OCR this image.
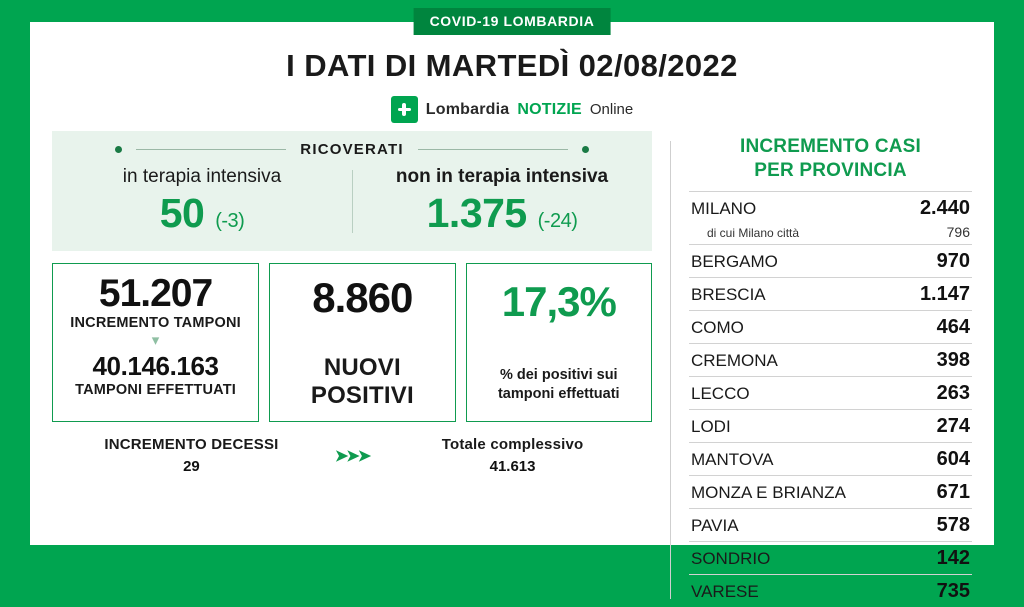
COVID-19 LOMBARDIA
I DATI DI MARTEDÌ 02/08/2022
Lombardia NOTIZIE Online
RICOVERATI
in terapia intensiva
50 (-3)
non in terapia intensiva
1.375 (-24)
51.207
INCREMENTO TAMPONI
▾
40.146.163
TAMPONI EFFETTUATI
8.860
NUOVI
POSITIVI
17,3%
% dei positivi sui
tamponi effettuati
INCREMENTO DECESSI
29
➤➤➤
Totale complessivo
41.613
INCREMENTO CASI
PER PROVINCIA
MILANO	2.440
di cui Milano città	796
BERGAMO	970
BRESCIA	1.147
COMO	464
CREMONA	398
LECCO	263
LODI	274
MANTOVA	604
MONZA E BRIANZA	671
PAVIA	578
SONDRIO	142
VARESE	735
